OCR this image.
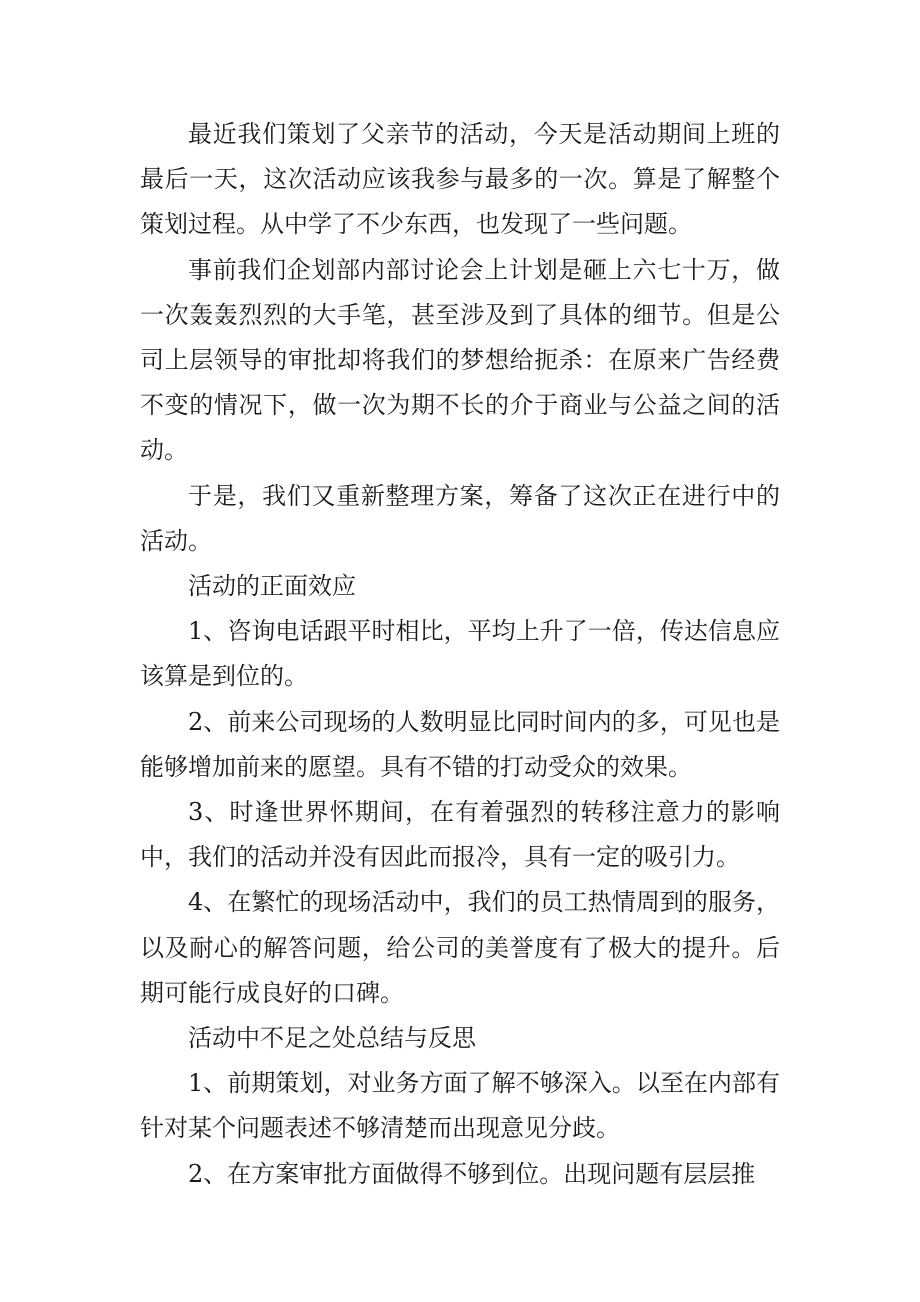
最近我们策划了父亲节的活动，今天是活动期间上班的最后一天，这次活动应该我参与最多的一次。算是了解整个策划过程。从中学了不少东西，也发现了一些问题。

事前我们企划部内部讨论会上计划是砸上六七十万，做一次轰轰烈烈的大手笔，甚至涉及到了具体的细节。但是公司上层领导的审批却将我们的梦想给扼杀：在原来广告经费不变的情况下，做一次为期不长的介于商业与公益之间的活动。

于是，我们又重新整理方案，筹备了这次正在进行中的活动。

活动的正面效应

1、咨询电话跟平时相比，平均上升了一倍，传达信息应该算是到位的。

2、前来公司现场的人数明显比同时间内的多，可见也是能够增加前来的愿望。具有不错的打动受众的效果。

3、时逢世界怀期间，在有着强烈的转移注意力的影响中，我们的活动并没有因此而报冷，具有一定的吸引力。

4、在繁忙的现场活动中，我们的员工热情周到的服务，以及耐心的解答问题，给公司的美誉度有了极大的提升。后期可能行成良好的口碑。

活动中不足之处总结与反思

1、前期策划，对业务方面了解不够深入。以至在内部有针对某个问题表述不够清楚而出现意见分歧。

2、在方案审批方面做得不够到位。出现问题有层层推
